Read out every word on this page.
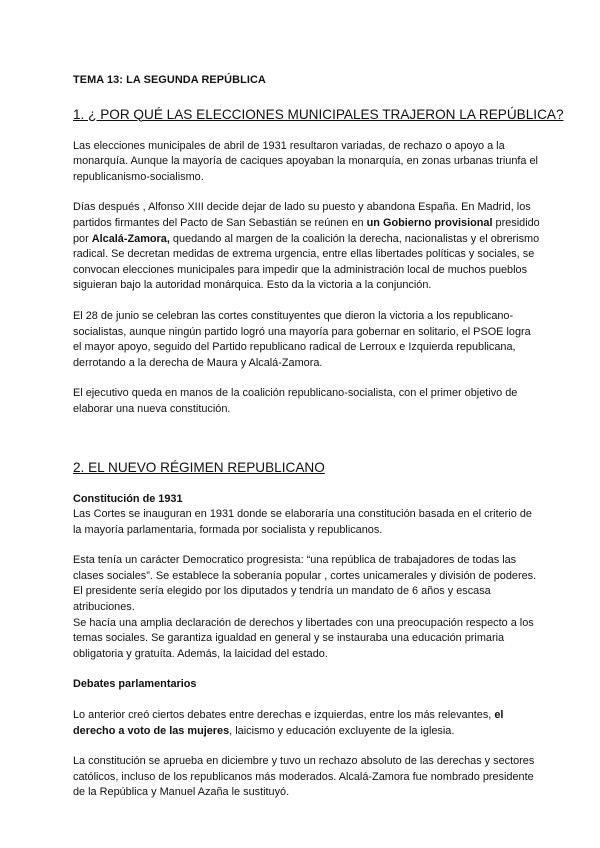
TEMA 13: LA SEGUNDA REPÚBLICA
1. ¿ POR QUÉ LAS ELECCIONES MUNICIPALES TRAJERON LA REPÚBLICA?

Las elecciones municipales de abril de 1931 resultaron variadas, de rechazo o apoyo a la monarquía. Aunque la mayoría de caciques apoyaban la monarquía, en zonas urbanas triunfa el republicanismo-socialismo.

Días después , Alfonso XIII decide dejar de lado su puesto y abandona España. En Madrid, los partidos firmantes del Pacto de San Sebastián se reúnen en un Gobierno provisional presidido por Alcalá-Zamora, quedando al margen de la coalición la derecha, nacionalistas y el obrerismo radical. Se decretan medidas de extrema urgencia, entre ellas libertades políticas y sociales, se convocan elecciones municipales para impedir que la administración local de muchos pueblos siguieran bajo la autoridad monárquica. Esto da la victoria a la conjunción.

El 28 de junio se celebran las cortes constituyentes que dieron la victoria a los republicano-socialistas, aunque ningún partido logró una mayoría para gobernar en solitario, el PSOE logra el mayor apoyo, seguido del Partido republicano radical de Lerroux e Izquierda republicana, derrotando a la derecha de Maura y Alcalá-Zamora.

El ejecutivo queda en manos de la coalición republicano-socialista, con el primer objetivo de elaborar una nueva constitución.

2. EL NUEVO RÉGIMEN REPUBLICANO
Constitución de 1931

Las Cortes se inauguran en 1931 donde se elaboraría una constitución basada en el criterio de la mayoría parlamentaria, formada por socialista y republicanos.

Esta tenía un carácter Democratico progresista: “una república de trabajadores de todas las clases sociales”. Se establece la soberanía popular , cortes unicamerales y división de poderes. El presidente sería elegido por los diputados y tendría un mandato de 6 años y escasa atribuciones.

Se hacía una amplia declaración de derechos y libertades con una preocupación respecto a los temas sociales. Se garantiza igualdad en general y se instauraba una educación primaria obligatoria y gratuíta. Además, la laicidad del estado.

Debates parlamentarios

Lo anterior creó ciertos debates entre derechas e izquierdas, entre los más relevantes, el derecho a voto de las mujeres, laicismo y educación excluyente de la iglesia.

La constitución se aprueba en diciembre y tuvo un rechazo absoluto de las derechas y sectores católicos, incluso de los republicanos más moderados. Alcalá-Zamora fue nombrado presidente de la República y Manuel Azaña le sustituyó.
